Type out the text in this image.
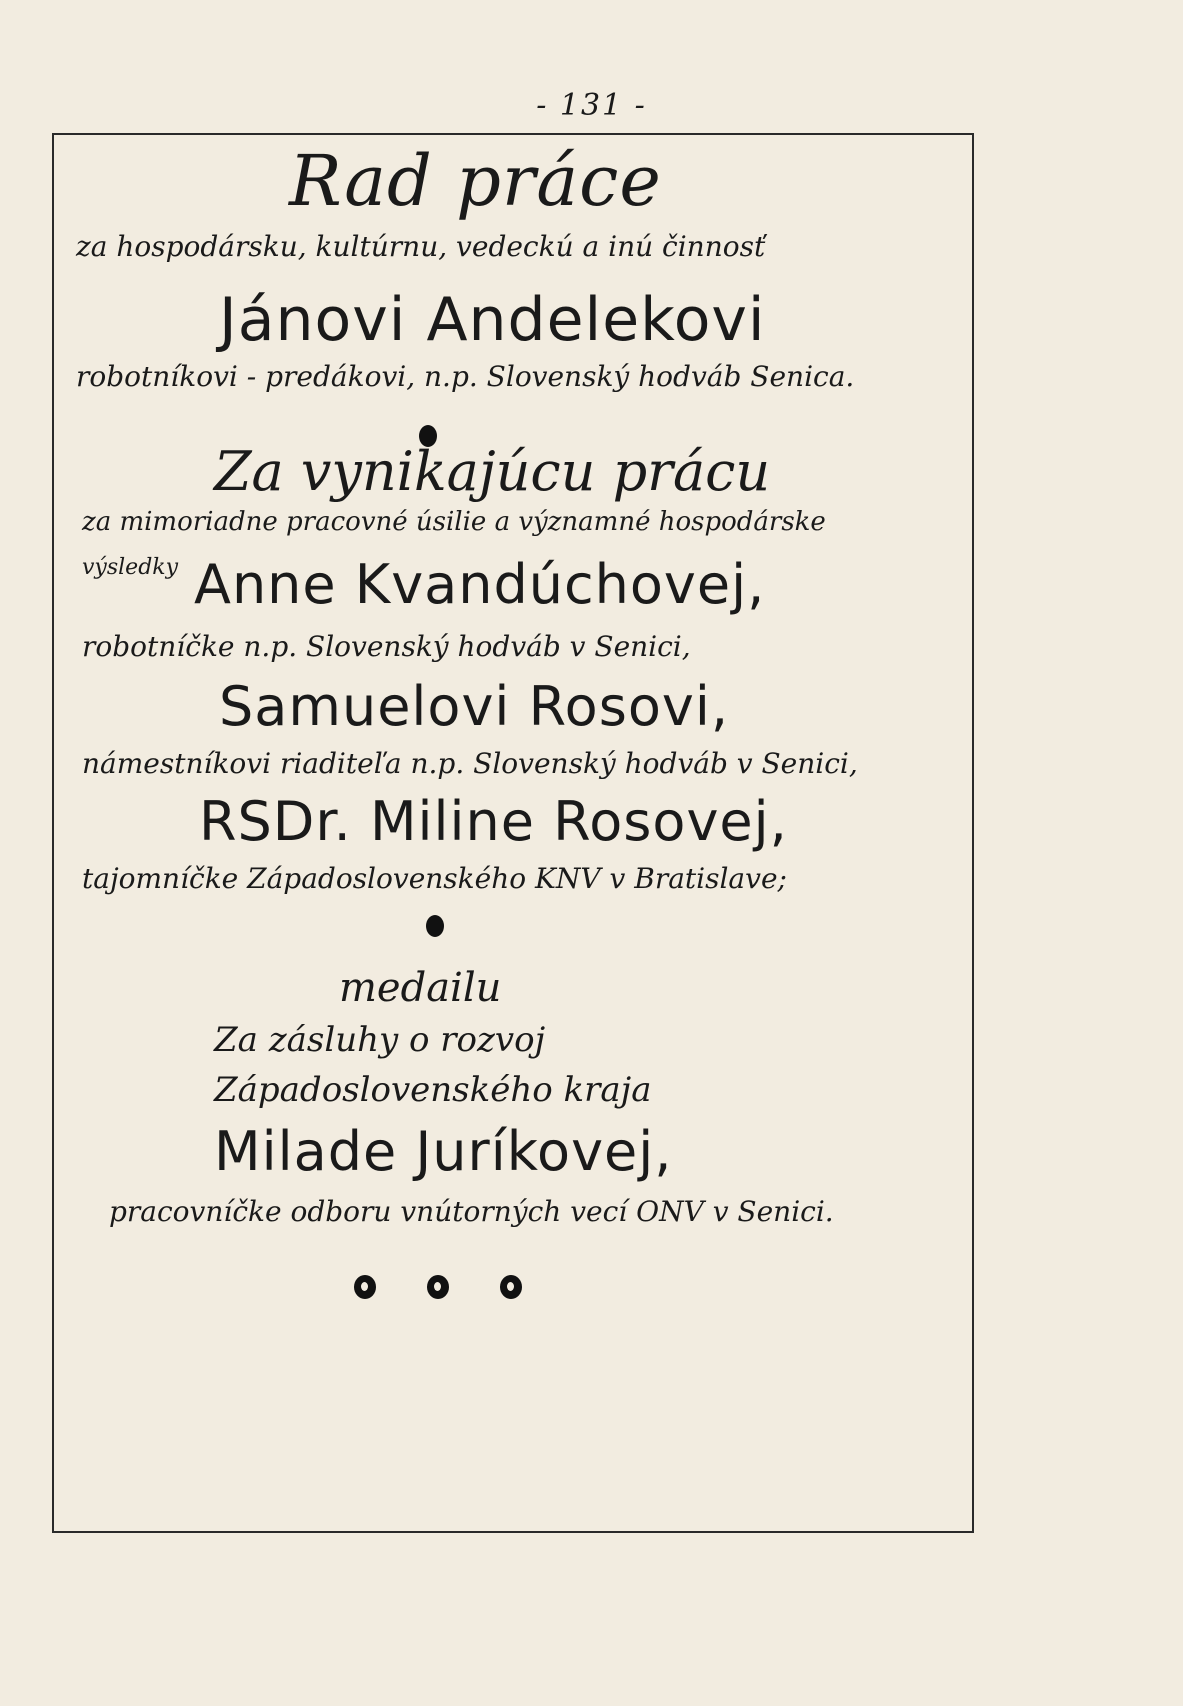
- 131 -
Rad práce
za hospodársku, kultúrnu, vedeckú a inú činnosť
Jánovi Andelekovi
robotníkovi - predákovi, n.p. Slovenský hodváb Senica.
Za vynikajúcu prácu
za mimoriadne pracovné úsilie a významné hospodárske
výsledky Anne Kvandúchovej,
robotníčke n.p. Slovenský hodváb v Senici,
Samuelovi Rosovi,
námestníkovi riaditeľa n.p. Slovenský hodváb v Senici,
RSDr. Miline Rosovej,
tajomníčke Západoslovenského KNV v Bratislave;
medailu
Za zásluhy o rozvoj
Západoslovenského kraja
Milade Juríkovej,
pracovníčke odboru vnútorných vecí ONV v Senici.
